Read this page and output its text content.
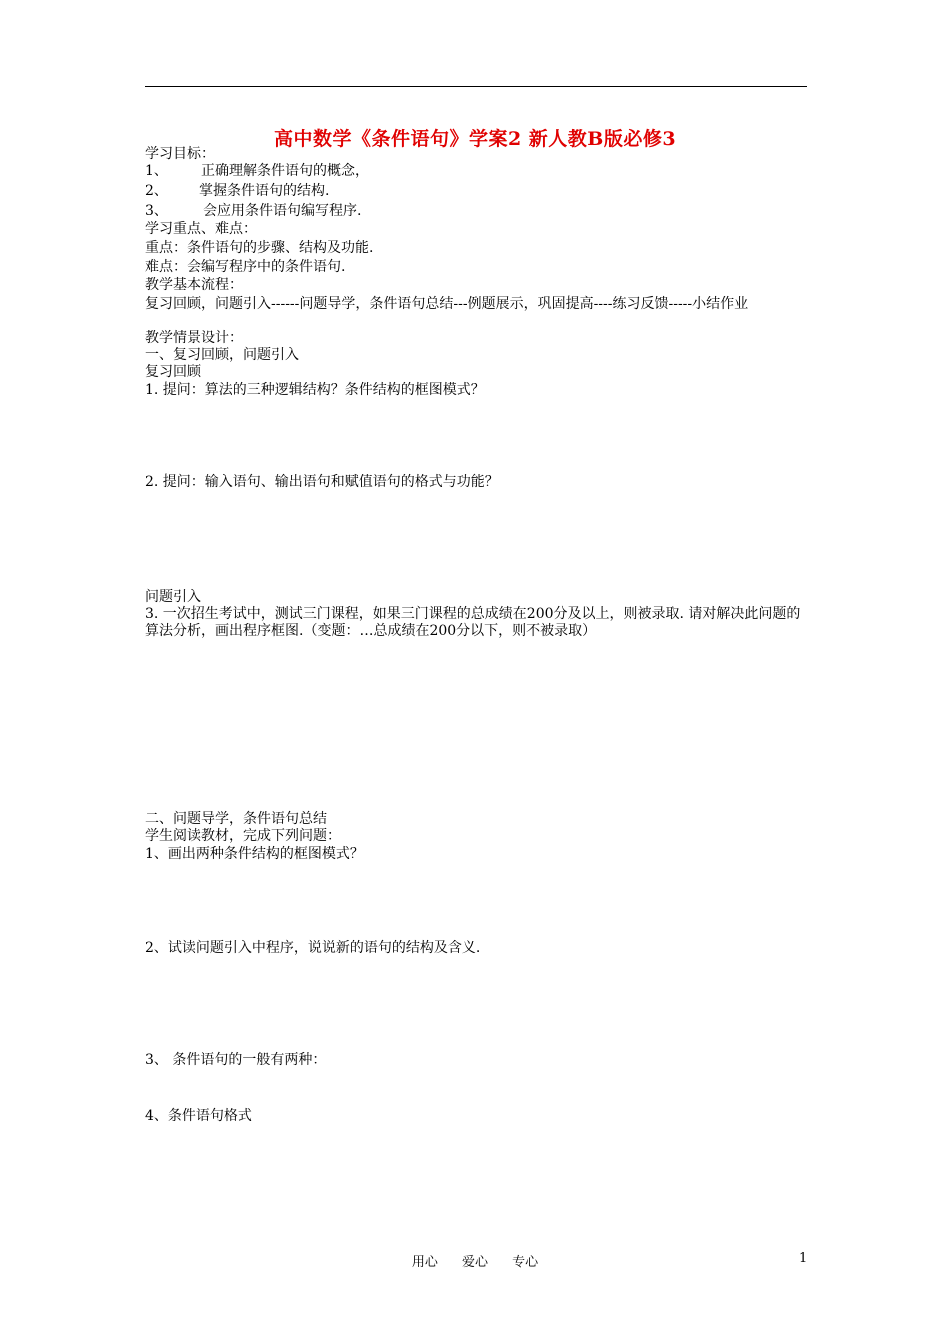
高中数学《条件语句》学案2 新人教B版必修3
学习目标：
1、 正确理解条件语句的概念，
2、 掌握条件语句的结构.
3、	会应用条件语句编写程序.
学习重点、难点：
重点：条件语句的步骤、结构及功能.
难点：会编写程序中的条件语句.
教学基本流程：
复习回顾，问题引入------问题导学，条件语句总结---例题展示，巩固提高----练习反馈-----小结作业
教学情景设计：
一、复习回顾，问题引入
复习回顾
1. 提问：算法的三种逻辑结构？条件结构的框图模式？
2. 提问：输入语句、输出语句和赋值语句的格式与功能？
问题引入
3. 一次招生考试中，测试三门课程，如果三门课程的总成绩在200分及以上，则被录取. 请对解决此问题的算法分析，画出程序框图.（变题：…总成绩在200分以下，则不被录取）
二、问题导学，条件语句总结
学生阅读教材，完成下列问题：
1、画出两种条件结构的框图模式？
2、试读问题引入中程序，说说新的语句的结构及含义.
3、 条件语句的一般有两种：
4、条件语句格式
用心 爱心 专心	1
